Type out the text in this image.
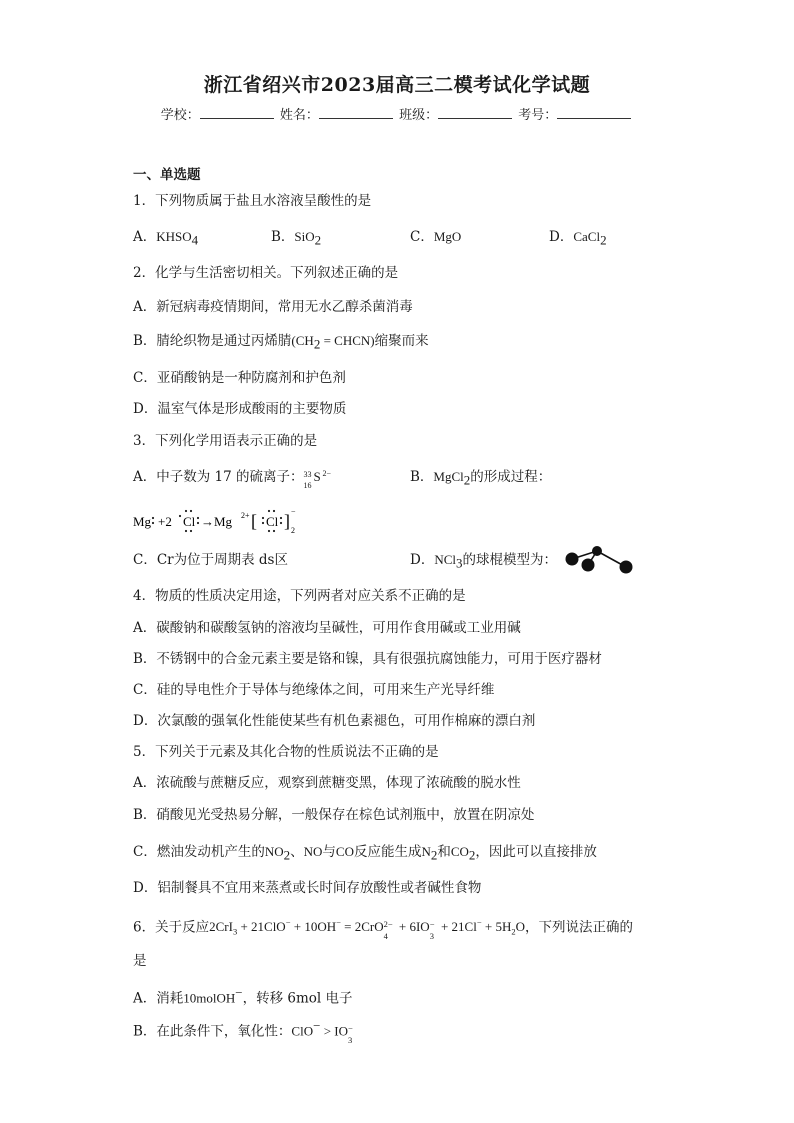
浙江省绍兴市2023届高三二模考试化学试题
学校：	姓名：	班级：	考号：
一、单选题
1．下列物质属于盐且水溶液呈酸性的是
A．$KHSO_4$	B．SiO$_2$	C．MgO	D．CaCl$_2$
2．化学与生活密切相关。下列叙述正确的是
A．新冠病毒疫情期间，常用无水乙醇杀菌消毒
B．腈纶织物是通过丙烯腈($CH_2$ = CHCN)缩聚而来
C．亚硝酸钠是一种防腐剂和护色剂
D．温室气体是形成酸雨的主要物质
3．下列化学用语表示正确的是
A．中子数为 17 的硫离子： 33
16
S 2−	B．MgCl$_2$的形成过程：
Mg +2 Cl →Mg 2+ [ Cl ] −
2
C．Cr为位于周期表 ds区	D．NCl$_3$的球棍模型为：
4．物质的性质决定用途，下列两者对应关系不正确的是
A．碳酸钠和碳酸氢钠的溶液均呈碱性，可用作食用碱或工业用碱
B．不锈钢中的合金元素主要是铬和镍，具有很强抗腐蚀能力，可用于医疗器材
C．硅的导电性介于导体与绝缘体之间，可用来生产光导纤维
D．次氯酸的强氧化性能使某些有机色素褪色，可用作棉麻的漂白剂
5．下列关于元素及其化合物的性质说法不正确的是
A．浓硫酸与蔗糖反应，观察到蔗糖变黑，体现了浓硫酸的脱水性
B．硝酸见光受热易分解，一般保存在棕色试剂瓶中，放置在阴凉处
C．燃油发动机产生的$NO_2$、NO与CO反应能生成$N_2$和$CO_2$，因此可以直接排放
D．铝制餐具不宜用来蒸煮或长时间存放酸性或者碱性食物
6．关于反应2CrI$_3$ + 21ClO− + 10OH− = 2CrO 2−
4
+ 6IO −
3
+ $21Cl^- + 5H_2O$，下列说法正确的
是
A．消耗10molOH−，转移 6mol 电子
B．在此条件下，氧化性：ClO− > IO −
3
